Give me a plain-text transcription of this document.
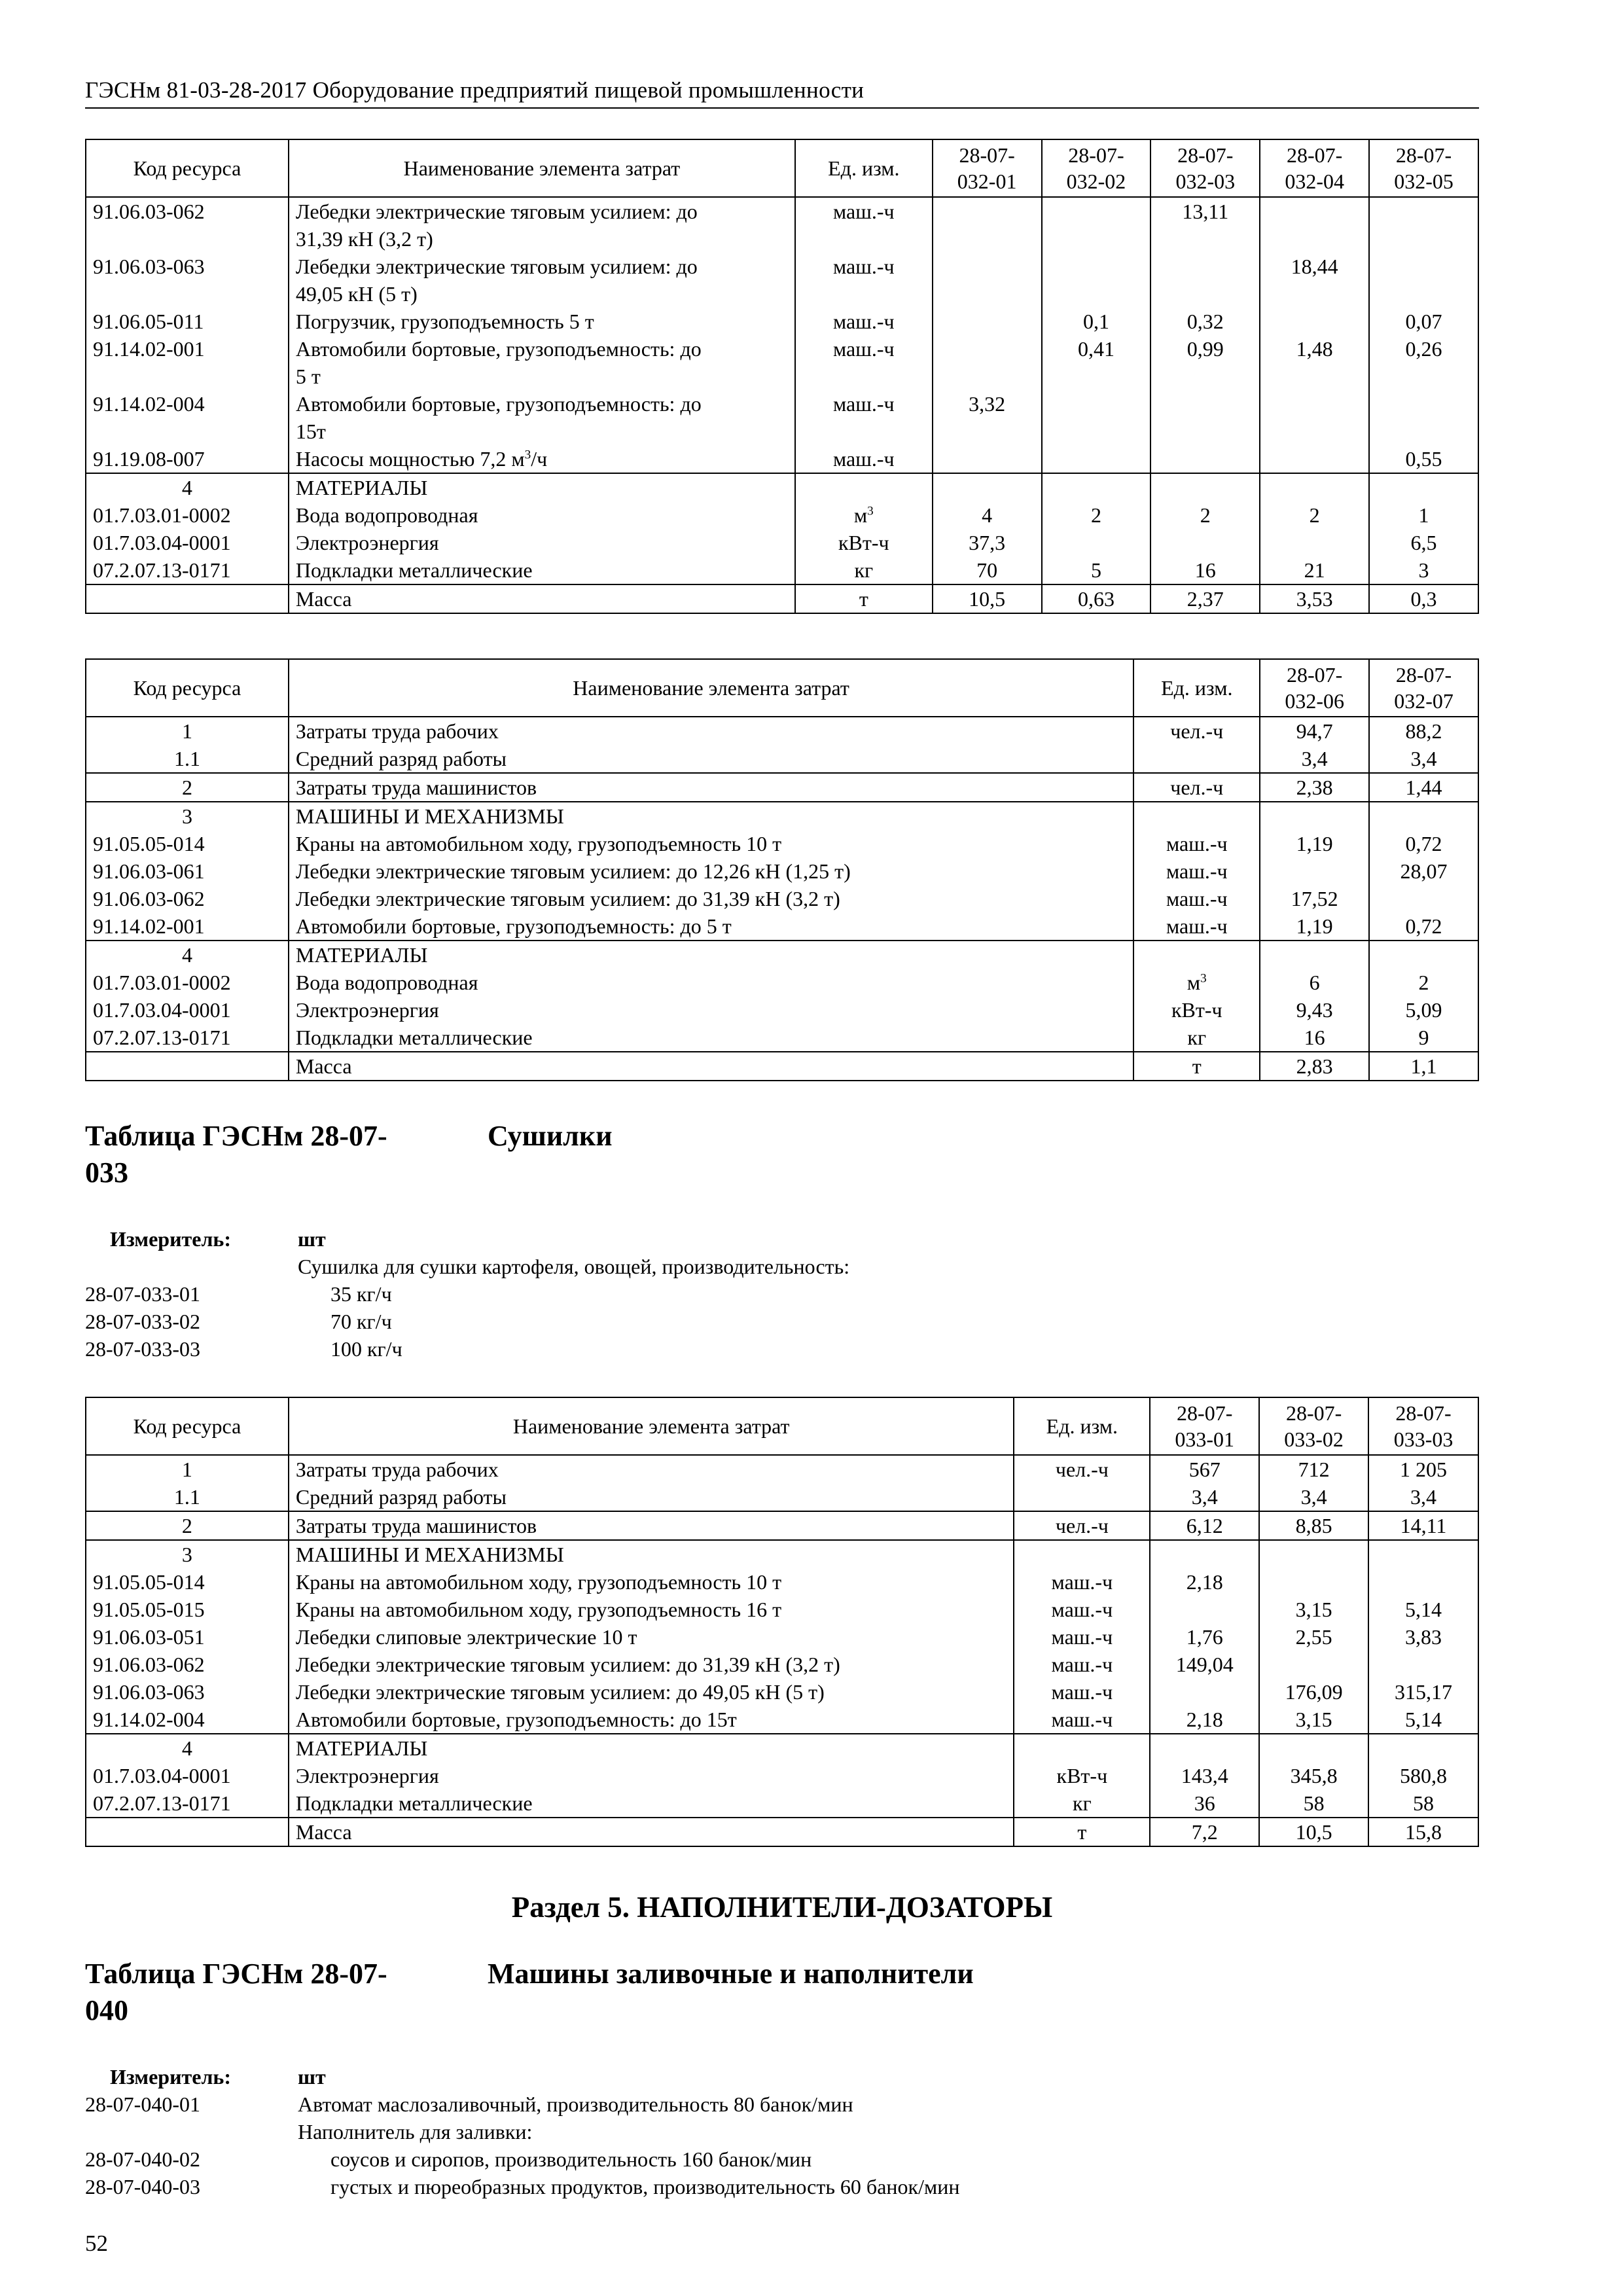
ГЭСНм 81-03-28-2017 Оборудование предприятий пищевой промышленности
Код ресурса	Наименование элемента затрат	Ед. изм.	28-07-
032-01	28-07-
032-02	28-07-
032-03	28-07-
032-04	28-07-
032-05
91.06.03-062	Лебедки электрические тяговым усилием: до
31,39 кН (3,2 т)	маш.-ч			13,11		
91.06.03-063	Лебедки электрические тяговым усилием: до
49,05 кН (5 т)	маш.-ч				18,44	
91.06.05-011	Погрузчик, грузоподъемность 5 т	маш.-ч		0,1	0,32		0,07
91.14.02-001	Автомобили бортовые, грузоподъемность: до
5 т	маш.-ч		0,41	0,99	1,48	0,26
91.14.02-004	Автомобили бортовые, грузоподъемность: до
15т	маш.-ч	3,32				
91.19.08-007	Насосы мощностью 7,2 $м^3/ч$	маш.-ч					0,55
4	МАТЕРИАЛЫ						
01.7.03.01-0002	Вода водопроводная	$м^3$	4	2	2	2	1
01.7.03.04-0001	Электроэнергия	кВт-ч	37,3				6,5
07.2.07.13-0171	Подкладки металлические	кг	70	5	16	21	3
	Масса	т	10,5	0,63	2,37	3,53	0,3
Код ресурса	Наименование элемента затрат	Ед. изм.	28-07-
032-06	28-07-
032-07
1	Затраты труда рабочих	чел.-ч	94,7	88,2
1.1	Средний разряд работы		3,4	3,4
2	Затраты труда машинистов	чел.-ч	2,38	1,44
3	МАШИНЫ И МЕХАНИЗМЫ			
91.05.05-014	Краны на автомобильном ходу, грузоподъемность 10 т	маш.-ч	1,19	0,72
91.06.03-061	Лебедки электрические тяговым усилием: до 12,26 кН (1,25 т)	маш.-ч		28,07
91.06.03-062	Лебедки электрические тяговым усилием: до 31,39 кН (3,2 т)	маш.-ч	17,52	
91.14.02-001	Автомобили бортовые, грузоподъемность: до 5 т	маш.-ч	1,19	0,72
4	МАТЕРИАЛЫ			
01.7.03.01-0002	Вода водопроводная	$м^3$	6	2
01.7.03.04-0001	Электроэнергия	кВт-ч	9,43	5,09
07.2.07.13-0171	Подкладки металлические	кг	16	9
	Масса	т	2,83	1,1
Таблица ГЭСНм 28-07-
033
Сушилки
Измеритель:	шт
Сушилка для сушки картофеля, овощей, производительность:
28-07-033-01	35 кг/ч
28-07-033-02	70 кг/ч
28-07-033-03	100 кг/ч
Код ресурса	Наименование элемента затрат	Ед. изм.	28-07-
033-01	28-07-
033-02	28-07-
033-03
1	Затраты труда рабочих	чел.-ч	567	712	1 205
1.1	Средний разряд работы		3,4	3,4	3,4
2	Затраты труда машинистов	чел.-ч	6,12	8,85	14,11
3	МАШИНЫ И МЕХАНИЗМЫ				
91.05.05-014	Краны на автомобильном ходу, грузоподъемность 10 т	маш.-ч	2,18		
91.05.05-015	Краны на автомобильном ходу, грузоподъемность 16 т	маш.-ч		3,15	5,14
91.06.03-051	Лебедки слиповые электрические 10 т	маш.-ч	1,76	2,55	3,83
91.06.03-062	Лебедки электрические тяговым усилием: до 31,39 кН (3,2 т)	маш.-ч	149,04		
91.06.03-063	Лебедки электрические тяговым усилием: до 49,05 кН (5 т)	маш.-ч		176,09	315,17
91.14.02-004	Автомобили бортовые, грузоподъемность: до 15т	маш.-ч	2,18	3,15	5,14
4	МАТЕРИАЛЫ				
01.7.03.04-0001	Электроэнергия	кВт-ч	143,4	345,8	580,8
07.2.07.13-0171	Подкладки металлические	кг	36	58	58
	Масса	т	7,2	10,5	15,8
Раздел 5. НАПОЛНИТЕЛИ-ДОЗАТОРЫ
Таблица ГЭСНм 28-07-
040
Машины заливочные и наполнители
Измеритель:	шт
28-07-040-01	Автомат маслозаливочный, производительность 80 банок/мин
Наполнитель для заливки:
28-07-040-02	соусов и сиропов, производительность 160 банок/мин
28-07-040-03	густых и пюреобразных продуктов, производительность 60 банок/мин
52
